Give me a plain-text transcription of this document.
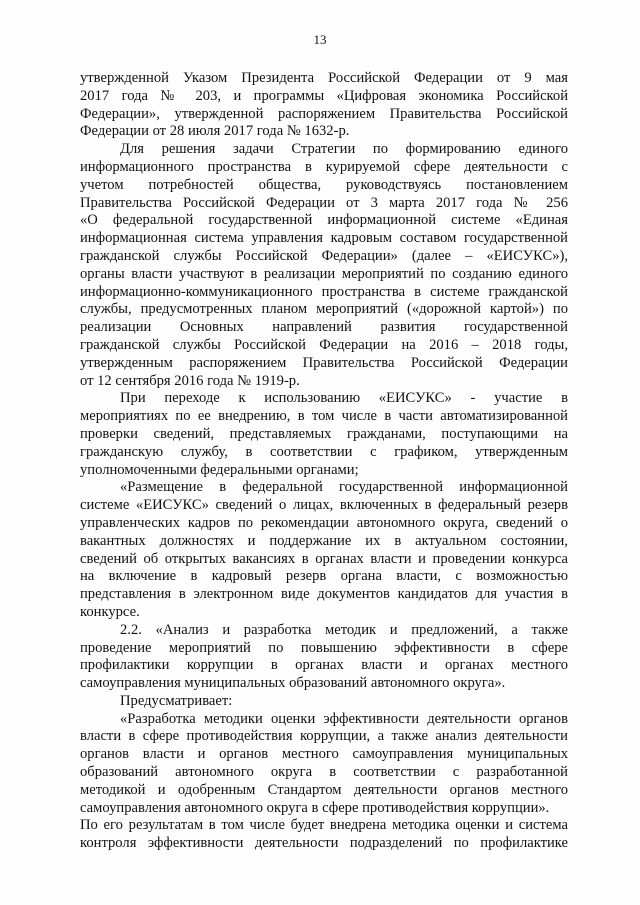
13
утвержденной Указом Президента Российской Федерации от 9 мая
2017 года № 203, и программы «Цифровая экономика Российской
Федерации», утвержденной распоряжением Правительства Российской
Федерации от 28 июля 2017 года № 1632-р.
Для решения задачи Стратегии по формированию единого
информационного пространства в курируемой сфере деятельности с
учетом потребностей общества, руководствуясь постановлением
Правительства Российской Федерации от 3 марта 2017 года № 256
«О федеральной государственной информационной системе «Единая
информационная система управления кадровым составом государственной
гражданской службы Российской Федерации» (далее – «ЕИСУКС»),
органы власти участвуют в реализации мероприятий по созданию единого
информационно-коммуникационного пространства в системе гражданской
службы, предусмотренных планом мероприятий («дорожной картой») по
реализации Основных направлений развития государственной
гражданской службы Российской Федерации на 2016 – 2018 годы,
утвержденным распоряжением Правительства Российской Федерации
от 12 сентября 2016 года № 1919-р.
При переходе к использованию «ЕИСУКС» - участие в
мероприятиях по ее внедрению, в том числе в части автоматизированной
проверки сведений, представляемых гражданами, поступающими на
гражданскую службу, в соответствии с графиком, утвержденным
уполномоченными федеральными органами;
«Размещение в федеральной государственной информационной
системе «ЕИСУКС» сведений о лицах, включенных в федеральный резерв
управленческих кадров по рекомендации автономного округа, сведений о
вакантных должностях и поддержание их в актуальном состоянии,
сведений об открытых вакансиях в органах власти и проведении конкурса
на включение в кадровый резерв органа власти, с возможностью
представления в электронном виде документов кандидатов для участия в
конкурсе.
2.2. «Анализ и разработка методик и предложений, а также
проведение мероприятий по повышению эффективности в сфере
профилактики коррупции в органах власти и органах местного
самоуправления муниципальных образований автономного округа».
Предусматривает:
«Разработка методики оценки эффективности деятельности органов
власти в сфере противодействия коррупции, а также анализ деятельности
органов власти и органов местного самоуправления муниципальных
образований автономного округа в соответствии с разработанной
методикой и одобренным Стандартом деятельности органов местного
самоуправления автономного округа в сфере противодействия коррупции».
По его результатам в том числе будет внедрена методика оценки и система
контроля эффективности деятельности подразделений по профилактике
